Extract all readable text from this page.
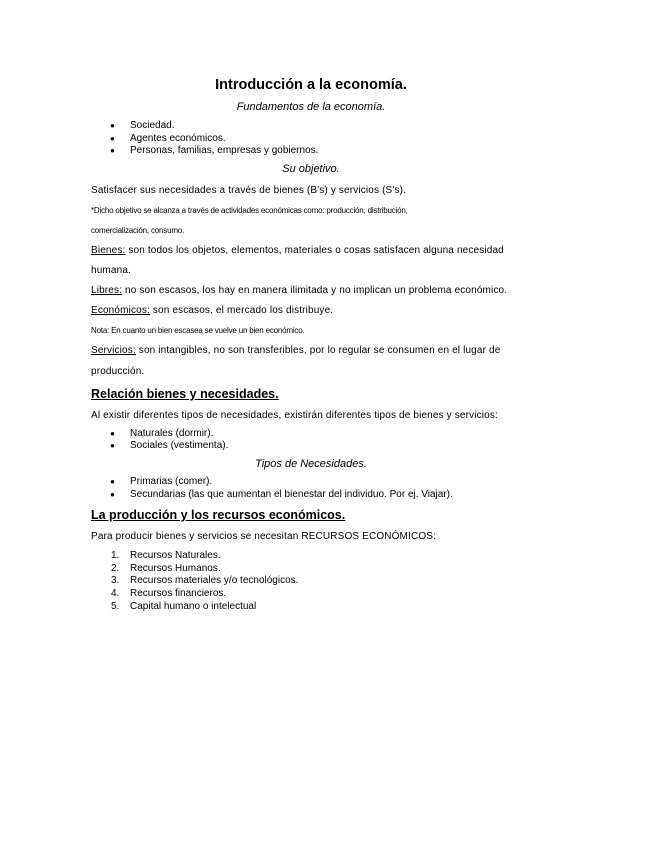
Introducción a la economía.

Fundamentos de la economía.

● Sociedad.
● Agentes económicos.
● Personas, familias, empresas y gobiernos.

Su objetivo.

Satisfacer sus necesidades a través de bienes (B's) y servicios (S's).

*Dicho objetivo se alcanza a través de actividades económicas como: producción, distribución,

comercialización, consumo.

Bienes: son todos los objetos, elementos, materiales o cosas satisfacen alguna necesidad

humana.

Libres: no son escasos, los hay en manera ilimitada y no implican un problema económico.

Económicos: son escasos, el mercado los distribuye.

Nota: En cuanto un bien escasea se vuelve un bien económico.

Servicios: son intangibles, no son transferibles, por lo regular se consumen en el lugar de

producción.

Relación bienes y necesidades.

Al existir diferentes tipos de necesidades, existirán diferentes tipos de bienes y servicios:

● Naturales (dormir).
● Sociales (vestimenta).

Tipos de Necesidades.

● Primarias (comer).
● Secundarias (las que aumentan el bienestar del individuo. Por ej. Viajar).
La producción y los recursos económicos.

Para producir bienes y servicios se necesitan RECURSOS ECONÓMICOS:

1. Recursos Naturales.
2. Recursos Humanos.
3. Recursos materiales y/o tecnológicos.
4. Recursos financieros.
5. Capital humano o intelectual
